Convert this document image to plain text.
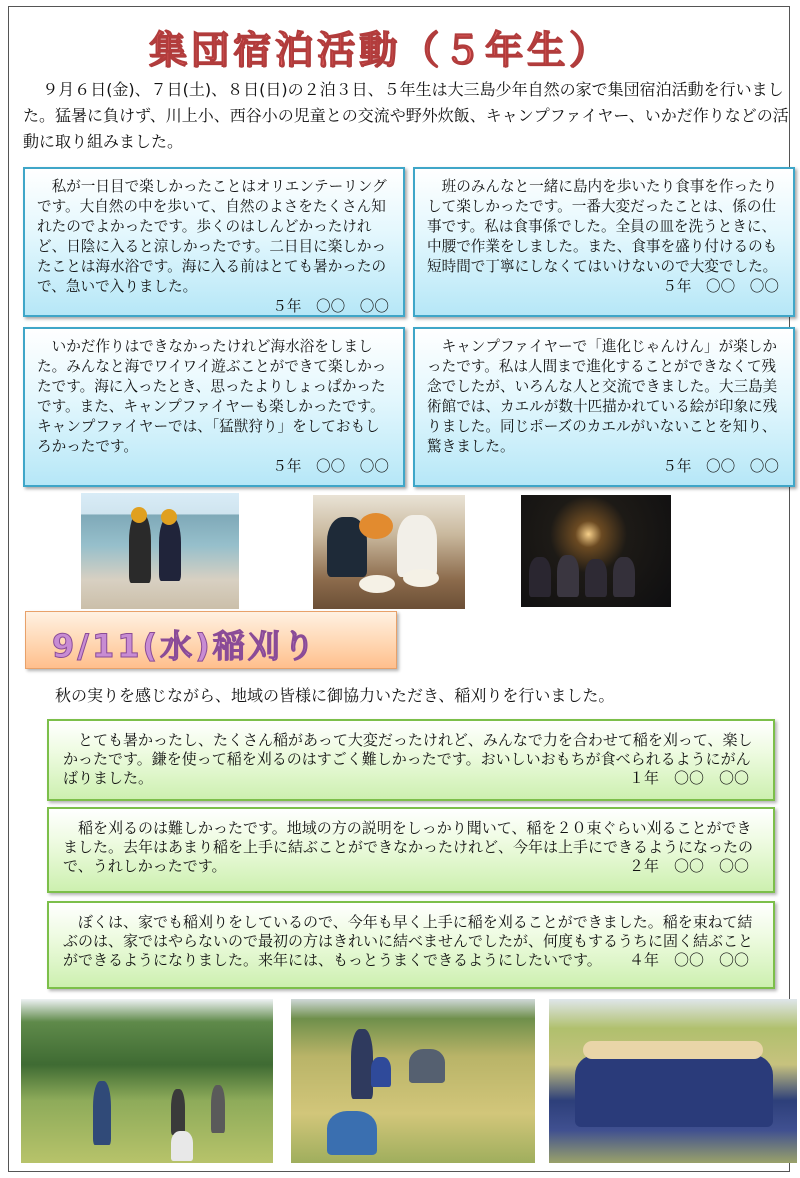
集団宿泊活動（５年生）
９月６日(金)、７日(土)、８日(日)の２泊３日、５年生は大三島少年自然の家で集団宿泊活動を行いました。猛暑に負けず、川上小、西谷小の児童との交流や野外炊飯、キャンプファイヤー、いかだ作りなどの活動に取り組みました。
私が一日目で楽しかったことはオリエンテーリングです。大自然の中を歩いて、自然のよさをたくさん知れたのでよかったです。歩くのはしんどかったけれど、日陰に入ると涼しかったです。二日目に楽しかったことは海水浴です。海に入る前はとても暑かったので、急いで入りました。
５年　〇〇　〇〇
班のみんなと一緒に島内を歩いたり食事を作ったりして楽しかったです。一番大変だったことは、係の仕事です。私は食事係でした。全員の皿を洗うときに、中腰で作業をしました。また、食事を盛り付けるのも短時間で丁寧にしなくてはいけないので大変でした。
５年　〇〇　〇〇
いかだ作りはできなかったけれど海水浴をしました。みんなと海でワイワイ遊ぶことができて楽しかったです。海に入ったとき、思ったよりしょっぱかったです。また、キャンプファイヤーも楽しかったです。キャンプファイヤーでは、「猛獣狩り」をしておもしろかったです。
５年　〇〇　〇〇
キャンプファイヤーで「進化じゃんけん」が楽しかったです。私は人間まで進化することができなくて残念でしたが、いろんな人と交流できました。大三島美術館では、カエルが数十匹描かれている絵が印象に残りました。同じポーズのカエルがいないことを知り、驚きました。
５年　〇〇　〇〇
9/11(水)稲刈り
秋の実りを感じながら、地域の皆様に御協力いただき、稲刈りを行いました。
とても暑かったし、たくさん稲があって大変だったけれど、みんなで力を合わせて稲を刈って、楽しかったです。鎌を使って稲を刈るのはすごく難しかったです。おいしいおもちが食べられるようにがんばりました。	１年　〇〇　〇〇
稲を刈るのは難しかったです。地域の方の説明をしっかり聞いて、稲を２０束ぐらい刈ることができました。去年はあまり稲を上手に結ぶことができなかったけれど、今年は上手にできるようになったので、うれしかったです。	２年　〇〇　〇〇
ぼくは、家でも稲刈りをしているので、今年も早く上手に稲を刈ることができました。稲を束ねて結ぶのは、家ではやらないので最初の方はきれいに結べませんでしたが、何度もするうちに固く結ぶことができるようになりました。来年には、もっとうまくできるようにしたいです。	４年　〇〇　〇〇
